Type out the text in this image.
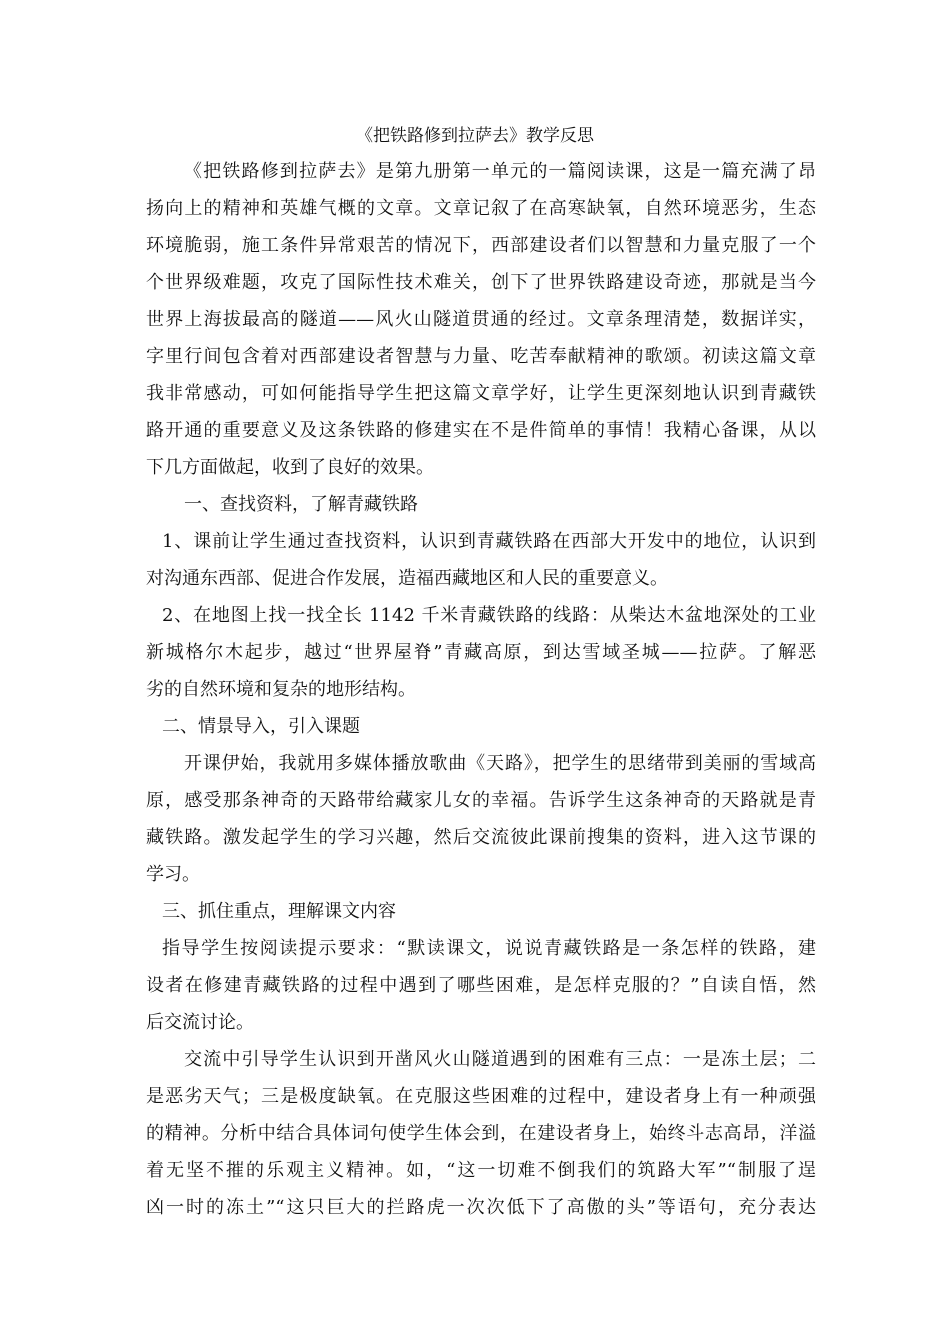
《把铁路修到拉萨去》教学反思
《把铁路修到拉萨去》是第九册第一单元的一篇阅读课，这是一篇充满了昂
扬向上的精神和英雄气概的文章。文章记叙了在高寒缺氧，自然环境恶劣，生态
环境脆弱，施工条件异常艰苦的情况下，西部建设者们以智慧和力量克服了一个
个世界级难题，攻克了国际性技术难关，创下了世界铁路建设奇迹，那就是当今
世界上海拔最高的隧道——风火山隧道贯通的经过。文章条理清楚，数据详实，
字里行间包含着对西部建设者智慧与力量、吃苦奉献精神的歌颂。初读这篇文章
我非常感动，可如何能指导学生把这篇文章学好，让学生更深刻地认识到青藏铁
路开通的重要意义及这条铁路的修建实在不是件简单的事情！我精心备课，从以
下几方面做起，收到了良好的效果。
一、查找资料，了解青藏铁路
1、课前让学生通过查找资料，认识到青藏铁路在西部大开发中的地位，认识到
对沟通东西部、促进合作发展，造福西藏地区和人民的重要意义。
2、在地图上找一找全长 1142 千米青藏铁路的线路：从柴达木盆地深处的工业
新城格尔木起步，越过“世界屋脊”青藏高原，到达雪域圣城——拉萨。了解恶
劣的自然环境和复杂的地形结构。
二、情景导入，引入课题
开课伊始，我就用多媒体播放歌曲《天路》，把学生的思绪带到美丽的雪域高
原，感受那条神奇的天路带给藏家儿女的幸福。告诉学生这条神奇的天路就是青
藏铁路。激发起学生的学习兴趣，然后交流彼此课前搜集的资料，进入这节课的
学习。
三、抓住重点，理解课文内容
指导学生按阅读提示要求：“默读课文，说说青藏铁路是一条怎样的铁路，建
设者在修建青藏铁路的过程中遇到了哪些困难，是怎样克服的？”自读自悟，然
后交流讨论。
交流中引导学生认识到开凿风火山隧道遇到的困难有三点：一是冻土层；二
是恶劣天气；三是极度缺氧。在克服这些困难的过程中，建设者身上有一种顽强
的精神。分析中结合具体词句使学生体会到，在建设者身上，始终斗志高昂，洋溢
着无坚不摧的乐观主义精神。如，“这一切难不倒我们的筑路大军”“制服了逞
凶一时的冻土”“这只巨大的拦路虎一次次低下了高傲的头”等语句，充分表达
